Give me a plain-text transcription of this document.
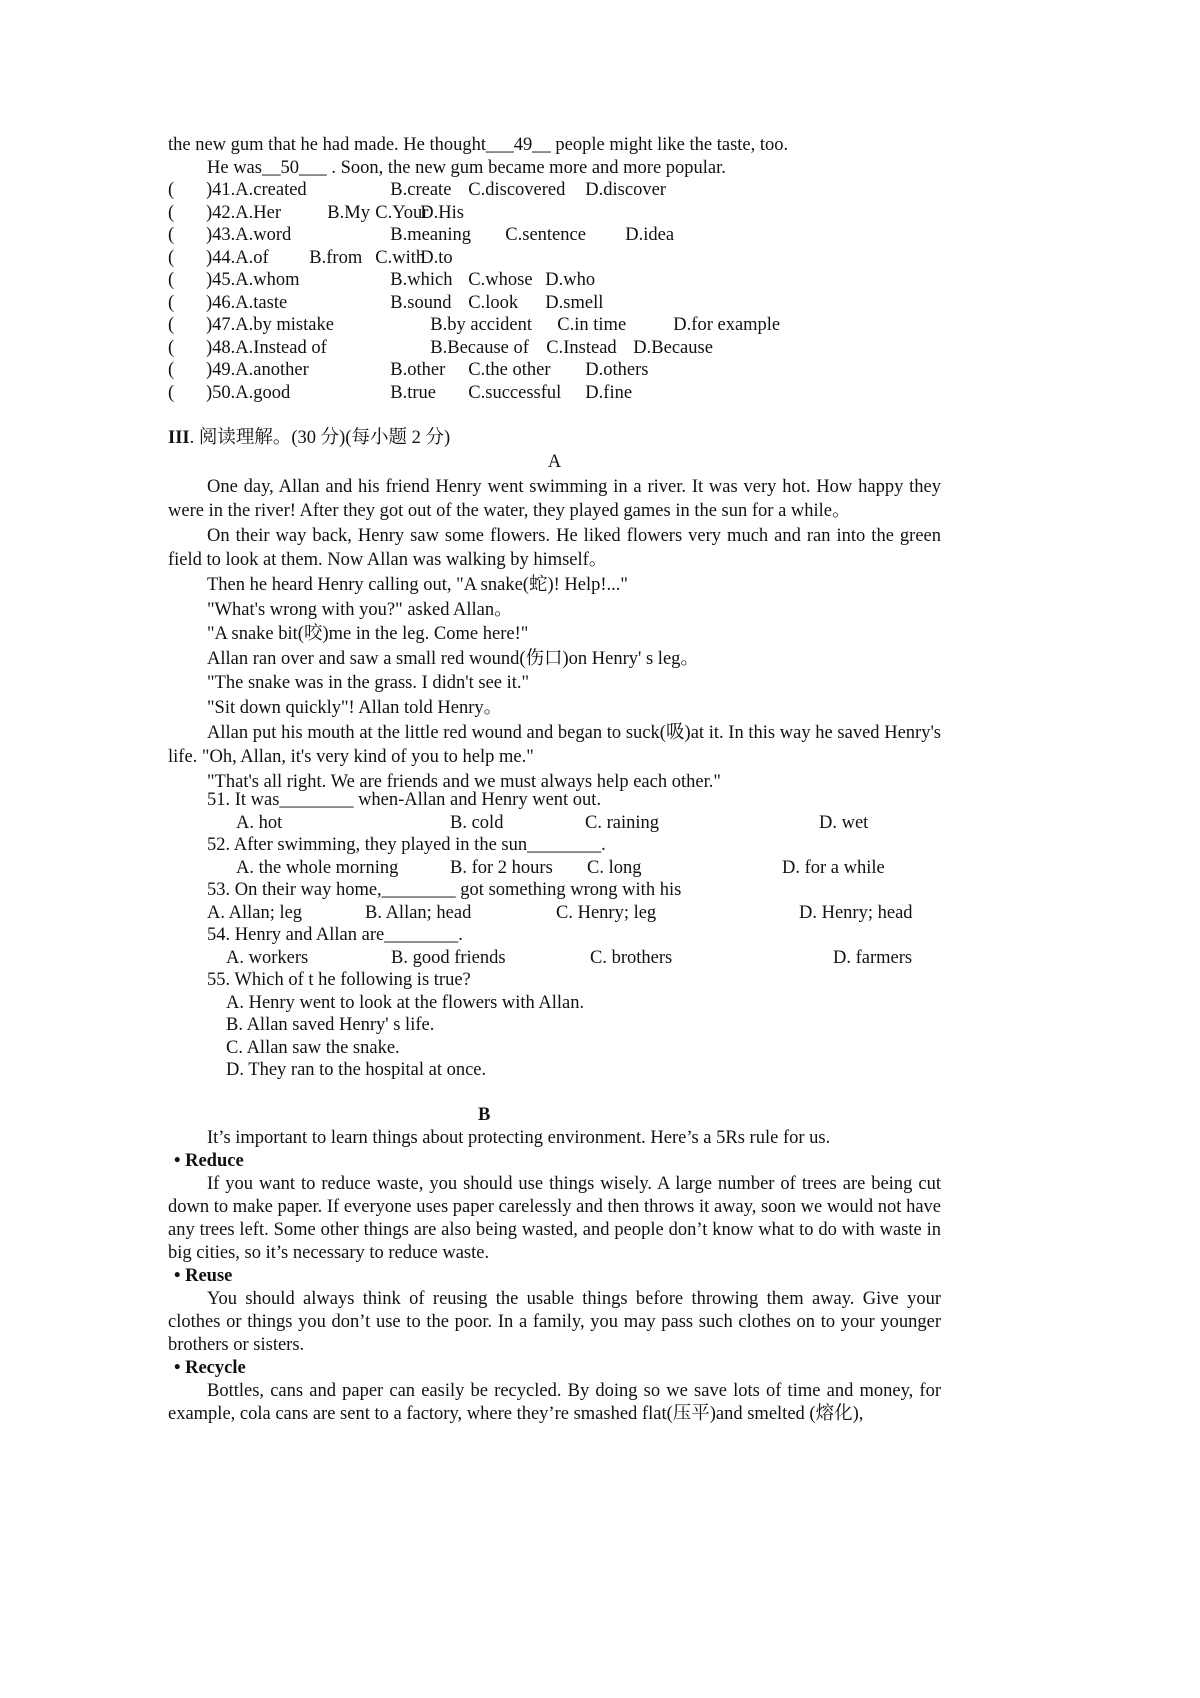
the new gum that he had made. He thought___49__ people might like the taste, too.
He was__50___ . Soon, the new gum became more and more popular.
(	) 41 . A.created	B.create C.discovered D.discover
(	) 42 . A.Her	B.My C.Your
D.His
(	) 43 . A.word	B.meaning C.sentence D.idea
(	) 44 . A.of B.from C.with
D.to
(	) 45 . A.whom	B.which C.whose D.who
(	) 46 . A.taste	B.sound C.look D.smell
(	) 47 . A.by mistake	B.by accident C.in time	D.for example
(	) 48 . A.Instead of	B.Because of C.Instead D.Because
(	) 49 . A.another	B.other C.the other D.others
(	) 50 . A.good	B.true C.successful D.fine
III. 阅读理解。(30 分)(每小题 2 分)
A
One day, Allan and his friend Henry went swimming in a river. It was very hot. How happy they were in the river! After they got out of the water, they played games in the sun for a while。
On their way back, Henry saw some flowers. He liked flowers very much and ran into the green field to look at them. Now Allan was walking by himself。
Then he heard Henry calling out, "A snake(蛇)! Help!..."
"What's wrong with you?" asked Allan。
"A snake bit(咬)me in the leg. Come here!"
Allan ran over and saw a small red wound(伤口)on Henry' s leg。
"The snake was in the grass. I didn't see it."
"Sit down quickly"! Allan told Henry。
Allan put his mouth at the little red wound and began to suck(吸)at it. In this way he saved Henry's life. "Oh, Allan, it's very kind of you to help me."
"That's all right. We are friends and we must always help each other."
51. It was________ when-Allan and Henry went out.
A. hot	B. cold	C. raining	D. wet
52. After swimming, they played in the sun________.
A. the whole morning	B. for 2 hours C. long	D. for a while
53. On their way home,________ got something wrong with his
A. Allan; leg	B. Allan; head	C. Henry; leg	D. Henry; head
54. Henry and Allan are________.
A. workers	B. good friends	C. brothers	D. farmers
55. Which of t he following is true?
A. Henry went to look at the flowers with Allan.
B. Allan saved Henry' s life.
C. Allan saw the snake.
D. They ran to the hospital at once.
B
It’s important to learn things about protecting environment. Here’s a 5Rs rule for us.
• Reduce
If you want to reduce waste, you should use things wisely. A large number of trees are being cut down to make paper. If everyone uses paper carelessly and then throws it away, soon we would not have any trees left. Some other things are also being wasted, and people don’t know what to do with waste in big cities, so it’s necessary to reduce waste.
• Reuse
You should always think of reusing the usable things before throwing them away. Give your clothes or things you don’t use to the poor. In a family, you may pass such clothes on to your younger brothers or sisters.
• Recycle
Bottles, cans and paper can easily be recycled. By doing so we save lots of time and money, for example, cola cans are sent to a factory, where they’re smashed flat(压平)and smelted (熔化),
